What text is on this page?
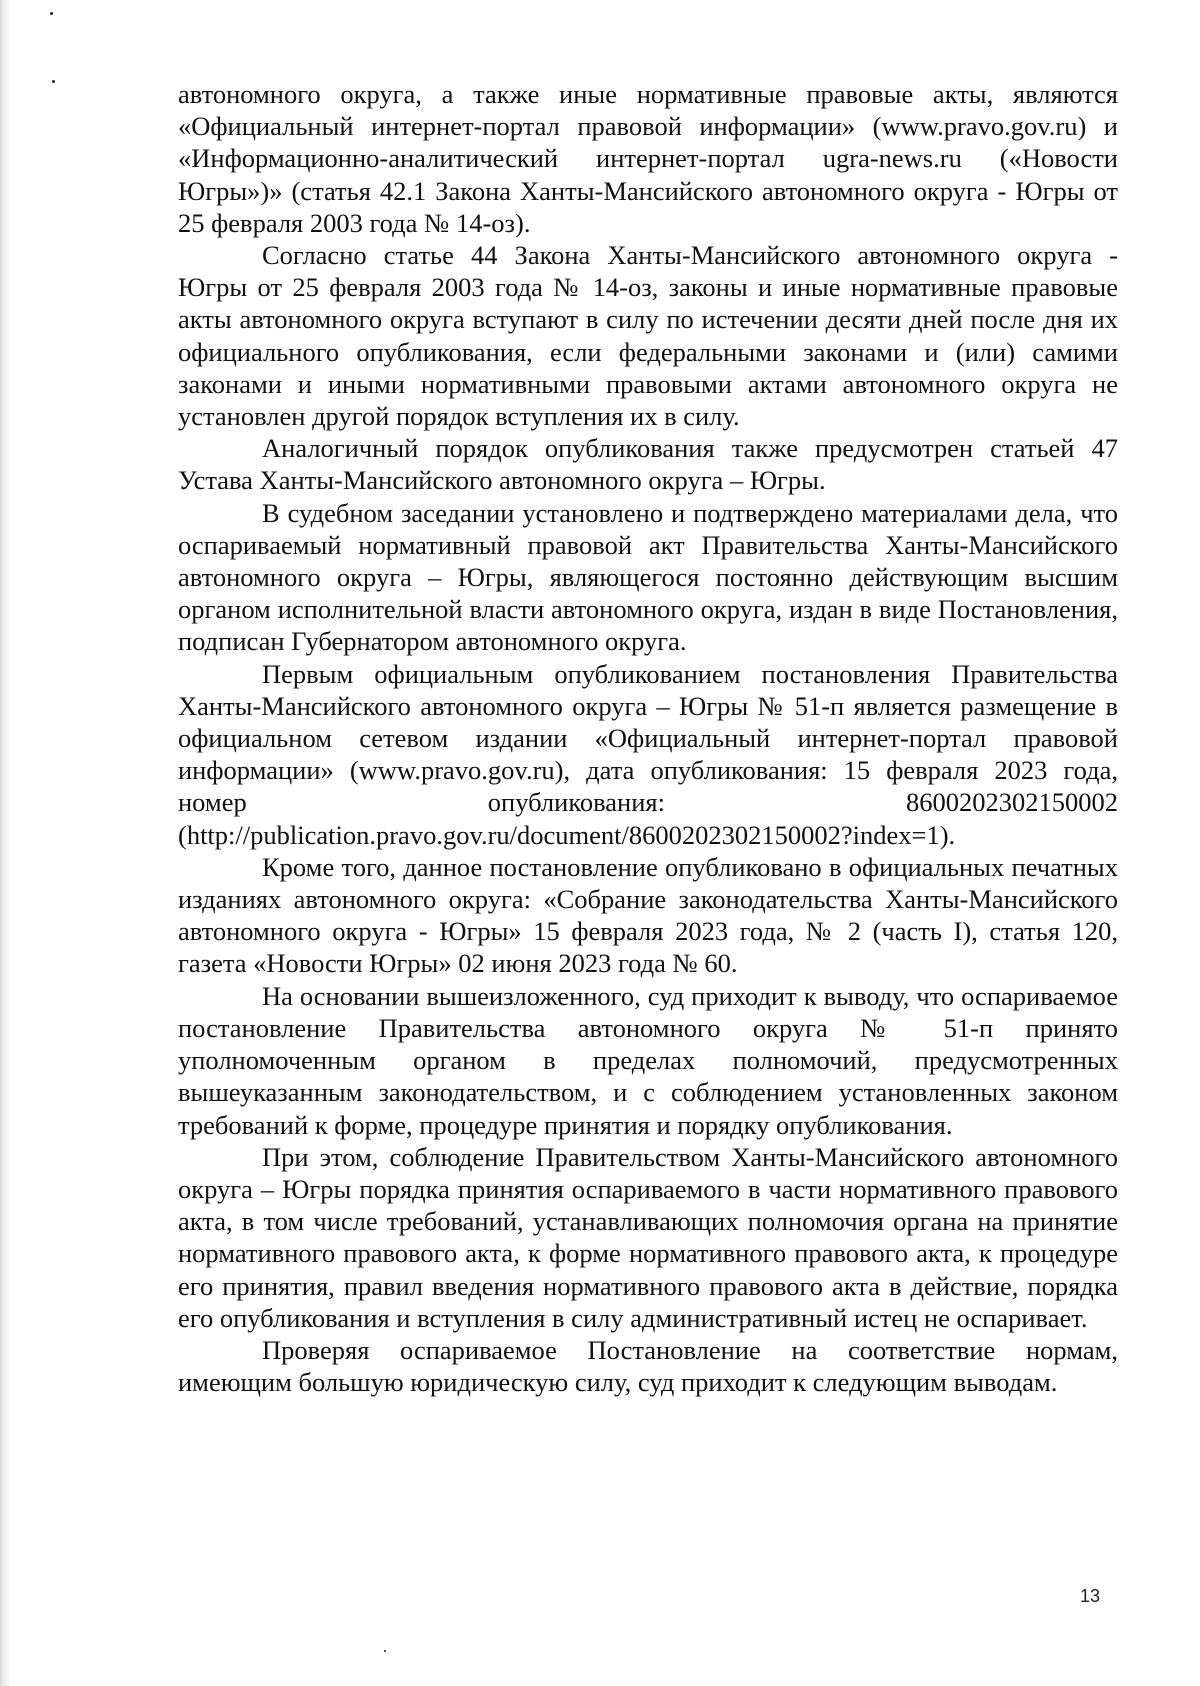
автономного округа, а также иные нормативные правовые акты, являются «Официальный интернет-портал правовой информации» (www.pravo.gov.ru) и «Информационно-аналитический интернет-портал ugra-news.ru («Новости Югры»)» (статья 42.1 Закона Ханты-Мансийского автономного округа - Югры от 25 февраля 2003 года № 14-оз).

Согласно статье 44 Закона Ханты-Мансийского автономного округа - Югры от 25 февраля 2003 года № 14-оз, законы и иные нормативные правовые акты автономного округа вступают в силу по истечении десяти дней после дня их официального опубликования, если федеральными законами и (или) самими законами и иными нормативными правовыми актами автономного округа не установлен другой порядок вступления их в силу.

Аналогичный порядок опубликования также предусмотрен статьей 47 Устава Ханты-Мансийского автономного округа – Югры.

В судебном заседании установлено и подтверждено материалами дела, что оспариваемый нормативный правовой акт Правительства Ханты-Мансийского автономного округа – Югры, являющегося постоянно действующим высшим органом исполнительной власти автономного округа, издан в виде Постановления, подписан Губернатором автономного округа.

Первым официальным опубликованием постановления Правительства Ханты-Мансийского автономного округа – Югры № 51-п является размещение в официальном сетевом издании «Официальный интернет-портал правовой информации» (www.pravo.gov.ru), дата опубликования: 15 февраля 2023 года, номер опубликования: 8600202302150002 (http://publication.pravo.gov.ru/document/8600202302150002?index=1).

Кроме того, данное постановление опубликовано в официальных печатных изданиях автономного округа: «Собрание законодательства Ханты-Мансийского автономного округа - Югры» 15 февраля 2023 года, № 2 (часть I), статья 120, газета «Новости Югры» 02 июня 2023 года № 60.

На основании вышеизложенного, суд приходит к выводу, что оспариваемое постановление Правительства автономного округа № 51-п принято уполномоченным органом в пределах полномочий, предусмотренных вышеуказанным законодательством, и с соблюдением установленных законом требований к форме, процедуре принятия и порядку опубликования.

При этом, соблюдение Правительством Ханты-Мансийского автономного округа – Югры порядка принятия оспариваемого в части нормативного правового акта, в том числе требований, устанавливающих полномочия органа на принятие нормативного правового акта, к форме нормативного правового акта, к процедуре его принятия, правил введения нормативного правового акта в действие, порядка его опубликования и вступления в силу административный истец не оспаривает.

Проверяя оспариваемое Постановление на соответствие нормам, имеющим большую юридическую силу, суд приходит к следующим выводам.

13
